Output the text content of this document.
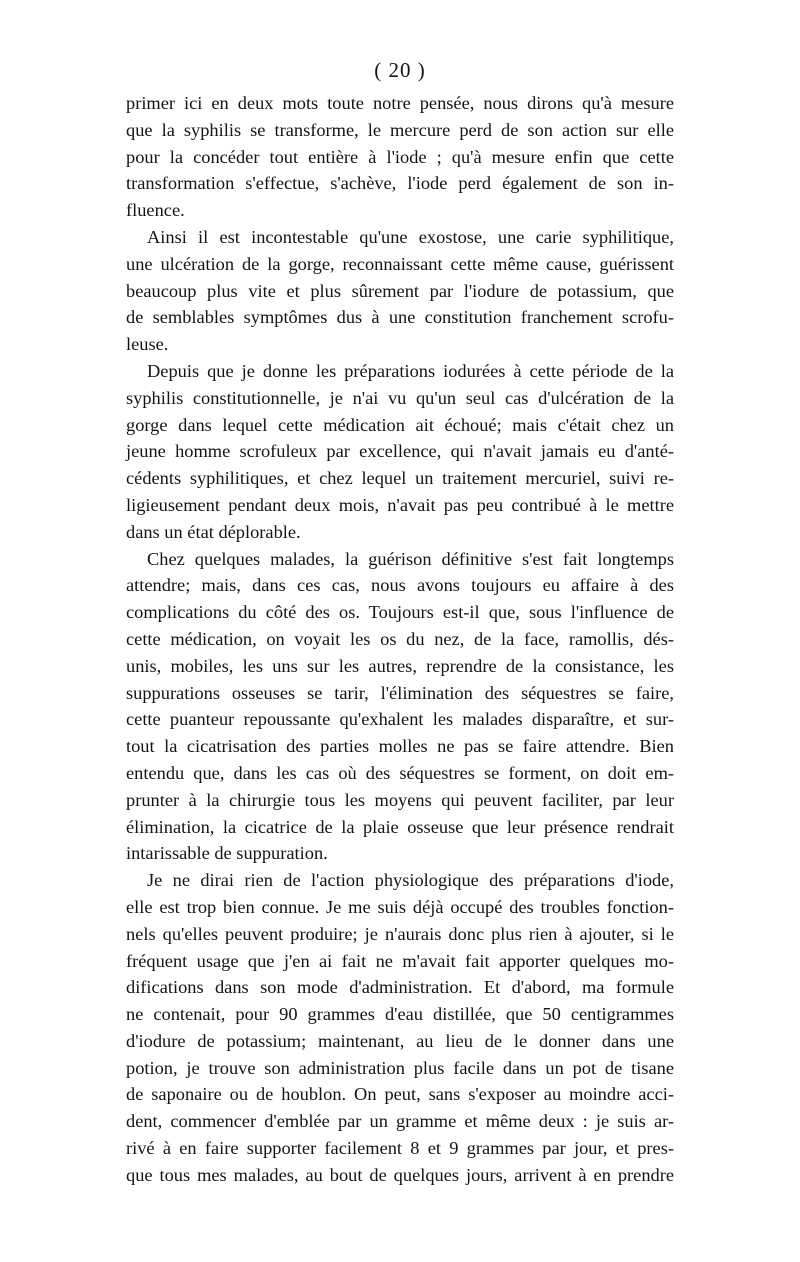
( 20 )
primer ici en deux mots toute notre pensée, nous dirons qu'à mesure
que la syphilis se transforme, le mercure perd de son action sur elle
pour la concéder tout entière à l'iode ; qu'à mesure enfin que cette
transformation s'effectue, s'achève, l'iode perd également de son in-
fluence.
Ainsi il est incontestable qu'une exostose, une carie syphilitique,
une ulcération de la gorge, reconnaissant cette même cause, guérissent
beaucoup plus vite et plus sûrement par l'iodure de potassium, que
de semblables symptômes dus à une constitution franchement scrofu-
leuse.
Depuis que je donne les préparations iodurées à cette période de la
syphilis constitutionnelle, je n'ai vu qu'un seul cas d'ulcération de la
gorge dans lequel cette médication ait échoué; mais c'était chez un
jeune homme scrofuleux par excellence, qui n'avait jamais eu d'anté-
cédents syphilitiques, et chez lequel un traitement mercuriel, suivi re-
ligieusement pendant deux mois, n'avait pas peu contribué à le mettre
dans un état déplorable.
Chez quelques malades, la guérison définitive s'est fait longtemps
attendre; mais, dans ces cas, nous avons toujours eu affaire à des
complications du côté des os. Toujours est-il que, sous l'influence de
cette médication, on voyait les os du nez, de la face, ramollis, dés-
unis, mobiles, les uns sur les autres, reprendre de la consistance, les
suppurations osseuses se tarir, l'élimination des séquestres se faire,
cette puanteur repoussante qu'exhalent les malades disparaître, et sur-
tout la cicatrisation des parties molles ne pas se faire attendre. Bien
entendu que, dans les cas où des séquestres se forment, on doit em-
prunter à la chirurgie tous les moyens qui peuvent faciliter, par leur
élimination, la cicatrice de la plaie osseuse que leur présence rendrait
intarissable de suppuration.
Je ne dirai rien de l'action physiologique des préparations d'iode,
elle est trop bien connue. Je me suis déjà occupé des troubles fonction-
nels qu'elles peuvent produire; je n'aurais donc plus rien à ajouter, si le
fréquent usage que j'en ai fait ne m'avait fait apporter quelques mo-
difications dans son mode d'administration. Et d'abord, ma formule
ne contenait, pour 90 grammes d'eau distillée, que 50 centigrammes
d'iodure de potassium; maintenant, au lieu de le donner dans une
potion, je trouve son administration plus facile dans un pot de tisane
de saponaire ou de houblon. On peut, sans s'exposer au moindre acci-
dent, commencer d'emblée par un gramme et même deux : je suis ar-
rivé à en faire supporter facilement 8 et 9 grammes par jour, et pres-
que tous mes malades, au bout de quelques jours, arrivent à en prendre
